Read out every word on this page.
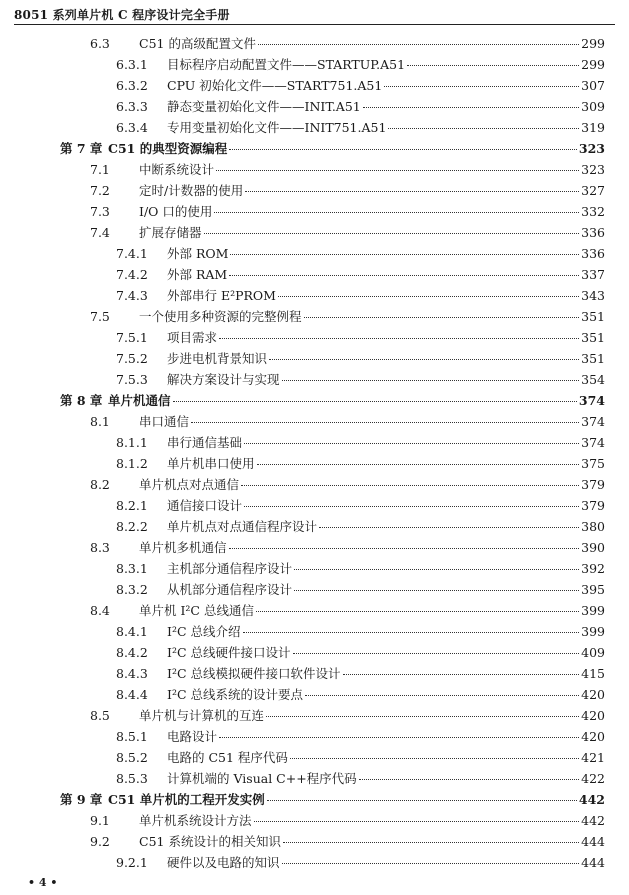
8051 系列单片机 C 程序设计完全手册
6.3	C51 的高级配置文件	299
6.3.1	目标程序启动配置文件——STARTUP.A51	299
6.3.2	CPU 初始化文件——START751.A51	307
6.3.3	静态变量初始化文件——INIT.A51	309
6.3.4	专用变量初始化文件——INIT751.A51	319
第 7 章 C51 的典型资源编程	323
7.1	中断系统设计	323
7.2	定时/计数器的使用	327
7.3	I/O 口的使用	332
7.4	扩展存储器	336
7.4.1	外部 ROM	336
7.4.2	外部 RAM	337
7.4.3	外部串行 E²PROM	343
7.5	一个使用多种资源的完整例程	351
7.5.1	项目需求	351
7.5.2	步进电机背景知识	351
7.5.3	解决方案设计与实现	354
第 8 章 单片机通信	374
8.1	串口通信	374
8.1.1	串行通信基础	374
8.1.2	单片机串口使用	375
8.2	单片机点对点通信	379
8.2.1	通信接口设计	379
8.2.2	单片机点对点通信程序设计	380
8.3	单片机多机通信	390
8.3.1	主机部分通信程序设计	392
8.3.2	从机部分通信程序设计	395
8.4	单片机 I²C 总线通信	399
8.4.1	I²C 总线介绍	399
8.4.2	I²C 总线硬件接口设计	409
8.4.3	I²C 总线模拟硬件接口软件设计	415
8.4.4	I²C 总线系统的设计要点	420
8.5	单片机与计算机的互连	420
8.5.1	电路设计	420
8.5.2	电路的 C51 程序代码	421
8.5.3	计算机端的 Visual C++程序代码	422
第 9 章 C51 单片机的工程开发实例	442
9.1	单片机系统设计方法	442
9.2	C51 系统设计的相关知识	444
9.2.1	硬件以及电路的知识	444
• 4 •
